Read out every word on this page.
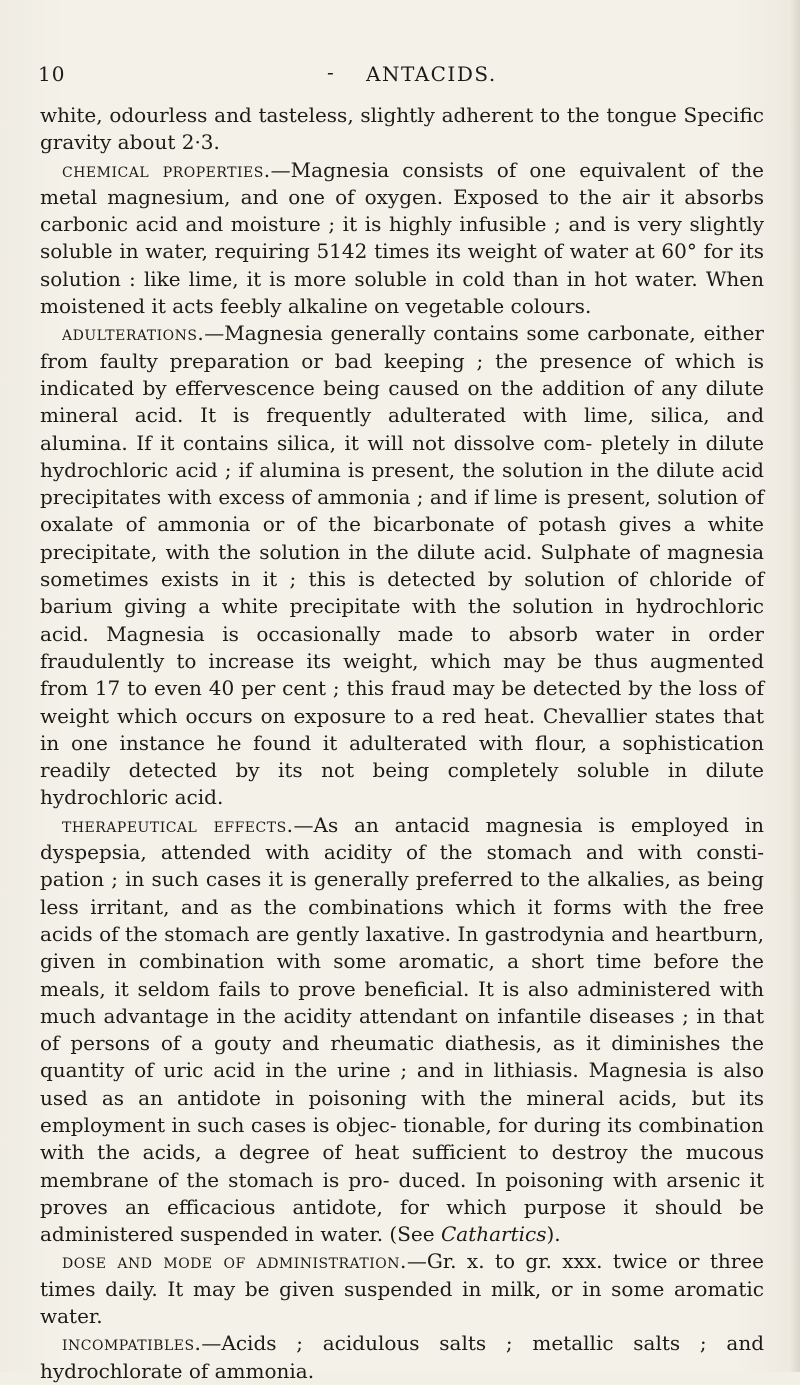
10	- ANTACIDS.

white, odourless and tasteless, slightly adherent to the tongue Specific gravity about 2·3.

chemical properties.—Magnesia consists of one equivalent of the metal magnesium, and one of oxygen. Exposed to the air it absorbs carbonic acid and moisture ; it is highly infusible ; and is very slightly soluble in water, requiring 5142 times its weight of water at 60° for its solution : like lime, it is more soluble in cold than in hot water. When moistened it acts feebly alkaline on vegetable colours.

adulterations.—Magnesia generally contains some carbonate, either from faulty preparation or bad keeping ; the presence of which is indicated by effervescence being caused on the addition of any dilute mineral acid. It is frequently adulterated with lime, silica, and alumina. If it contains silica, it will not dissolve com- pletely in dilute hydrochloric acid ; if alumina is present, the solution in the dilute acid precipitates with excess of ammonia ; and if lime is present, solution of oxalate of ammonia or of the bicarbonate of potash gives a white precipitate, with the solution in the dilute acid. Sulphate of magnesia sometimes exists in it ; this is detected by solution of chloride of barium giving a white precipitate with the solution in hydrochloric acid. Magnesia is occasionally made to absorb water in order fraudulently to increase its weight, which may be thus augmented from 17 to even 40 per cent ; this fraud may be detected by the loss of weight which occurs on exposure to a red heat. Chevallier states that in one instance he found it adulterated with flour, a sophistication readily detected by its not being completely soluble in dilute hydrochloric acid.

therapeutical effects.—As an antacid magnesia is employed in dyspepsia, attended with acidity of the stomach and with consti- pation ; in such cases it is generally preferred to the alkalies, as being less irritant, and as the combinations which it forms with the free acids of the stomach are gently laxative. In gastrodynia and heartburn, given in combination with some aromatic, a short time before the meals, it seldom fails to prove beneficial. It is also administered with much advantage in the acidity attendant on infantile diseases ; in that of persons of a gouty and rheumatic diathesis, as it diminishes the quantity of uric acid in the urine ; and in lithiasis. Magnesia is also used as an antidote in poisoning with the mineral acids, but its employment in such cases is objec- tionable, for during its combination with the acids, a degree of heat sufficient to destroy the mucous membrane of the stomach is pro- duced. In poisoning with arsenic it proves an efficacious antidote, for which purpose it should be administered suspended in water. (See Cathartics).

dose and mode of administration.—Gr. x. to gr. xxx. twice or three times daily. It may be given suspended in milk, or in some aromatic water.

incompatibles.—Acids ; acidulous salts ; metallic salts ; and hydrochlorate of ammonia.
